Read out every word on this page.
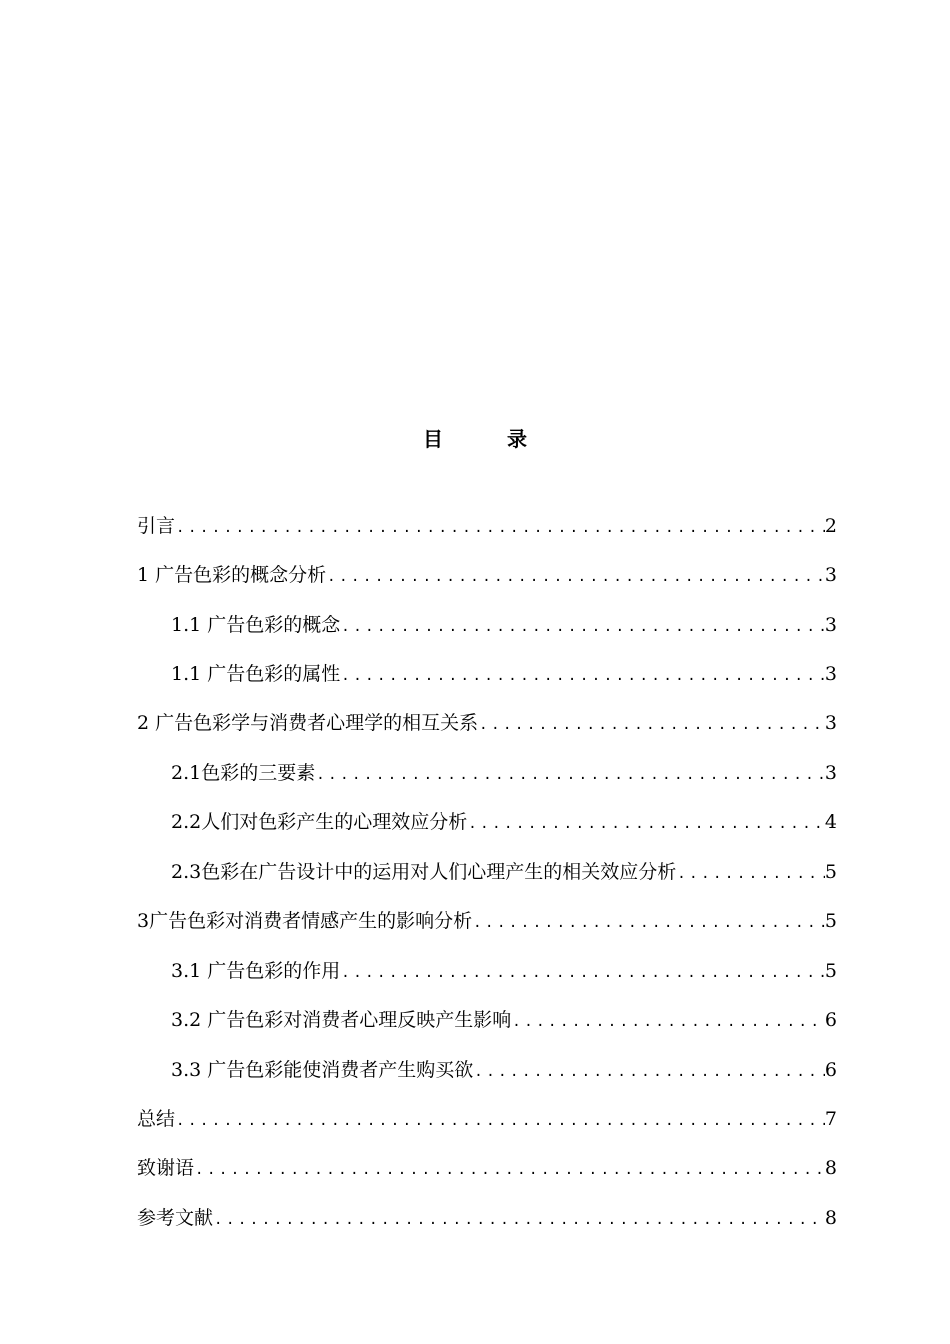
目　录
引言 .....	2
1 广告色彩的概念分析 .....	3
1.1 广告色彩的概念 .....	3
1.1 广告色彩的属性 .....	3
2 广告色彩学与消费者心理学的相互关系 .....	3
2.1色彩的三要素 .....	3
2.2人们对色彩产生的心理效应分析 .....	4
2.3色彩在广告设计中的运用对人们心理产生的相关效应分析 .....	5
3广告色彩对消费者情感产生的影响分析 .....	5
3.1 广告色彩的作用 .....	5
3.2 广告色彩对消费者心理反映产生影响 .....	6
3.3 广告色彩能使消费者产生购买欲 .....	6
总结 .....	7
致谢语 .....	8
参考文献 .....	8
